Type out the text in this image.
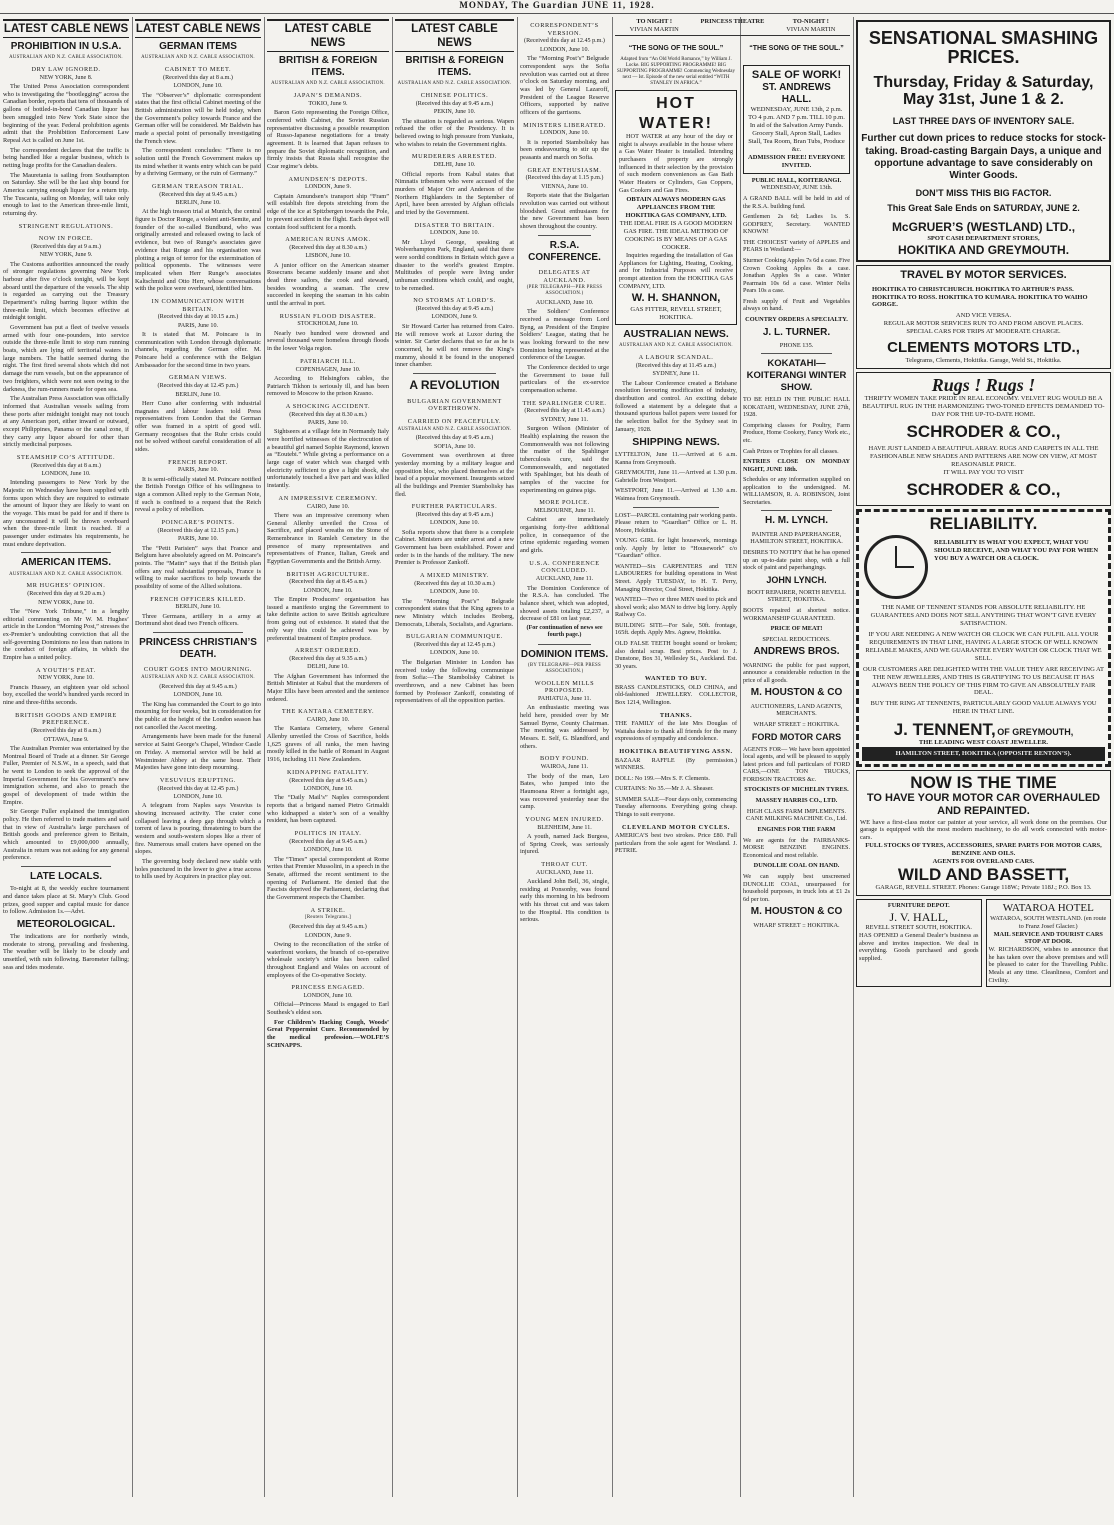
MONDAY, The Guardian JUNE 11, 1928.
LATEST CABLE NEWS
PROHIBITION IN U.S.A.
AUSTRALIAN AND N.Z. CABLE ASSOCIATION.
DRY LAW IGNORED.
NEW YORK, June 8.

The United Press Association correspondent who is investigating the “bootlegging” across the Canadian border, reports that tens of thousands of gallons of bottled-in-bond Canadian liquor has been smuggled into New York State since the beginning of the year. Federal prohibition agents admit that the Prohibition Enforcement Law Repeal Act is called on June 1st.

The correspondent declares that the traffic is being handled like a regular business, which is netting huge profits for the Canadian dealers.

The Mauretania is sailing from Southampton on Saturday. She will be the last ship bound for America carrying enough liquor for a return trip. The Tuscania, sailing on Monday, will take only enough to last to the American three-mile limit, returning dry.

STRINGENT REGULATIONS.
NOW IN FORCE.
(Received this day at 9 a.m.)
NEW YORK, June 9.

The Customs authorities announced the ready of stronger regulations governing New York harbour after five o’clock tonight, will be kept aboard until the departure of the vessels. The ship is regarded as carrying out the Treasury Department’s ruling barring liquor within the three-mile limit, which becomes effective at midnight tonight.

Government has put a fleet of twelve vessels armed with four one-pounders, into service outside the three-mile limit to stop rum running boats, which are lying off territorial waters in large numbers. The battle seemed during the night. The first fired several shots which did not damage the rum vessels, but on the appearance of two freighters, which were not seen owing to the darkness, the rum-runners made for open sea.

The Australian Press Association was officially informed that Australian vessels sailing from these ports after midnight tonight may not touch at any American port, either inward or outward, except Philippines, Panama or the canal zone, if they carry any liquor aboard for other than strictly medicinal purposes.

STEAMSHIP CO’S ATTITUDE.
(Received this day at 8 a.m.)
LONDON, June 10.

Intending passengers to New York by the Majestic on Wednesday have been supplied with forms upon which they are required to estimate the amount of liquor they are likely to want on the voyage. This must be paid for and if there is any unconsumed it will be thrown overboard when the three-mile limit is reached. If a passenger under estimates his requirements, he must endure deprivation.

AMERICAN ITEMS.
AUSTRALIAN AND N.Z. CABLE ASSOCIATION.
MR HUGHES’ OPINION.
(Received this day at 9.20 a.m.)
NEW YORK, June 10.

The “New York Tribune,” in a lengthy editorial commenting on Mr W. M. Hughes’ article in the London “Morning Post,” stresses the ex-Premier’s undoubting conviction that all the self-governing Dominions no less than nations in the conduct of foreign affairs, in which the Empire has a united policy.

A YOUTH’S FEAT.
NEW YORK, June 10.

Francis Hussey, an eighteen year old school boy, excelled the world’s hundred yards record in nine and three-fifths seconds.

BRITISH GOODS AND EMPIRE PREFERENCE.
(Received this day at 8 a.m.)
OTTAWA, June 9.

The Australian Premier was entertained by the Montreal Board of Trade at a dinner. Sir George Fuller, Premier of N.S.W., in a speech, said that he went to London to seek the approval of the Imperial Government for his Government’s new immigration scheme, and also to preach the gospel of development of trade within the Empire.

Sir George Fuller explained the immigration policy. He then referred to trade matters and said that in view of Australia’s large purchases of British goods and preference given to Britain, which amounted to £9,000,000 annually, Australia in return was not asking for any general preference.

LATE LOCALS.

To-night at 8, the weekly euchre tournament and dance takes place at St. Mary’s Club. Good prizes, good supper and capital music for dance to follow. Admission 1s.—Advt.

METEOROLOGICAL.

The indications are for northerly winds, moderate to strong, prevailing and freshening. The weather will be likely to be cloudy and unsettled, with rain following. Barometer falling; seas and tides moderate.

LATEST CABLE NEWS
GERMAN ITEMS
AUSTRALIAN AND N.Z. CABLE ASSOCIATION.
CABINET TO MEET.
(Received this day at 8 a.m.)
LONDON, June 10.

The “Observer’s” diplomatic correspondent states that the first official Cabinet meeting of the British administration will be held today, when the Government’s policy towards France and the German offer will be considered. Mr Baldwin has made a special point of personally investigating the French view.

The correspondent concludes: “There is no solution until the French Government makes up its mind whether it wants entry which can be paid by a thriving Germany, or the ruin of Germany.”

GERMAN TREASON TRIAL.
(Received this day at 9.45 a.m.)
BERLIN, June 10.

At the high treason trial at Munich, the central figure is Doctor Runge, a violent anti-Semite, and founder of the so-called Bundbund, who was originally arrested and released owing to lack of evidence, but two of Runge’s associates gave evidence that Runge and his organisation was plotting a reign of terror for the extermination of political opponents. The witnesses were implicated when Herr Runge’s associates Kaltschmid and Otto Herr, whose conversations with the police were overheard, identified him.

IN COMMUNICATION WITH BRITAIN.
(Received this day at 10.15 a.m.)
PARIS, June 10.

It is stated that M. Poincare is in communication with London through diplomatic channels, regarding the German offer. M. Poincare held a conference with the Belgian Ambassador for the second time in two years.

GERMAN VIEWS.
(Received this day at 12.45 p.m.)
BERLIN, June 10.

Herr Cuno after conferring with industrial magnates and labour leaders told Press representatives from London that the German offer was framed in a spirit of good will. Germany recognises that the Ruhr crisis could not be solved without careful consideration of all sides.

FRENCH REPORT.
PARIS, June 10.

It is semi-officially stated M. Poincare notified the British Foreign Office of his willingness to sign a common Allied reply to the German Note, if such is confined to a request that the Reich reveal a policy of rebellion.

POINCARE’S POINTS.
(Received this day at 12.15 p.m.)
PARIS, June 10.

The “Petit Parisien” says that France and Belgium have absolutely agreed on M. Poincare’s points. The “Matin” says that if the British plan offers any real substantial proposals, France is willing to make sacrifices to help towards the possibility of some of the Allied solutions.

FRENCH OFFICERS KILLED.
BERLIN, June 10.

Three Germans, artillery in a army at Dortmund shot dead two French officers.

PRINCESS CHRISTIAN’S DEATH.
COURT GOES INTO MOURNING.
AUSTRALIAN AND N.Z. CABLE ASSOCIATION.
(Received this day at 9.45 a.m.)
LONDON, June 10.

The King has commanded the Court to go into mourning for four weeks, but in consideration for the public at the height of the London season has not cancelled the Ascot meeting.

Arrangements have been made for the funeral service at Saint George’s Chapel, Windsor Castle on Friday. A memorial service will be held at Westminster Abbey at the same hour. Their Majesties have gone into deep mourning.

VESUVIUS ERUPTING.
(Received this day at 12.45 p.m.)
LONDON, June 10.

A telegram from Naples says Vesuvius is showing increased activity. The crater cone collapsed leaving a deep gap through which a torrent of lava is pouring, threatening to burn the western and south-western slopes like a river of fire. Numerous small craters have opened on the slopes.

The governing body declared new stable with holes punctured in the lower to give a true access to hills used by Acquirers in practice play out.

LATEST CABLE NEWS
BRITISH & FOREIGN ITEMS.
AUSTRALIAN AND N.Z. CABLE ASSOCIATION.
JAPAN’S DEMANDS.
TOKIO, June 9.

Baron Goto representing the Foreign Office, conferred with Cabinet, the Soviet Russian representative discussing a possible resumption of Russo-Japanese negotiations for a treaty agreement. It is learned that Japan refuses to prepare the Soviet diplomatic recognition, and firmly insists that Russia shall recognise the Czar regime’s debts.

AMUNDSEN’S DEPOTS.
LONDON, June 9.

Captain Amundsen’s transport ship “Fram” will establish fire depots stretching from the edge of the ice at Spitzbergen towards the Pole, to prevent accident in the flight. Each depot will contain food sufficient for a month.

AMERICAN RUNS AMOK.
(Received this day at 8.30 a.m.)
LISBON, June 10.

A junior officer on the American steamer Rosecrans became suddenly insane and shot dead three sailors, the cook and steward, besides wounding a seaman. The crew succeeded in keeping the seaman in his cabin until the arrival in port.

RUSSIAN FLOOD DISASTER.
STOCKHOLM, June 10.

Nearly two hundred were drowned and several thousand were homeless through floods in the lower Volga region.

PATRIARCH ILL.
COPENHAGEN, June 10.

According to Helsingfors cables, the Patriarch Tikhon is seriously ill, and has been removed to Moscow to the prison Krasno.

A SHOCKING ACCIDENT.
(Received this day at 8.30 a.m.)
PARIS, June 10.

Sightseers at a village fete in Normandy Italy were horrified witnesses of the electrocution of a beautiful girl named Sophie Raymond, known as “Eoutebi.” While giving a performance on a large cage of water which was charged with electricity sufficient to give a light shock, she unfortunately touched a live part and was killed instantly.

AN IMPRESSIVE CEREMONY.
CAIRO, June 10.

There was an impressive ceremony when General Allenby unveiled the Cross of Sacrifice, and placed wreaths on the Stone of Remembrance in Ramleh Cemetery in the presence of many representatives and representatives of France, Italian, Greek and Egyptian Governments and the British Army.

BRITISH AGRICULTURE.
(Received this day at 8.45 a.m.)
LONDON, June 10.

The Empire Producers’ organisation has issued a manifesto urging the Government to take definite action to save British agriculture from going out of existence. It stated that the only way this could be achieved was by preferential treatment of Empire produce.

ARREST ORDERED.
(Received this day at 9.35 a.m.)
DELHI, June 10.

The Afghan Government has informed the British Minister at Kabul that the murderers of Major Ellis have been arrested and the sentence ordered.

THE KANTARA CEMETERY.
CAIRO, June 10.

The Kantara Cemetery, where General Allenby unveiled the Cross of Sacrifice, holds 1,625 graves of all ranks, the men having mostly killed in the battle of Romani in August 1916, including 111 New Zealanders.

KIDNAPPING FATALITY.
(Received this day at 9.45 a.m.)
LONDON, June 10.

The “Daily Mail’s” Naples correspondent reports that a brigand named Pietro Grimaldi who kidnapped a sister’s son of a wealthy resident, has been captured.

POLITICS IN ITALY.
(Received this day at 9.45 a.m.)
LONDON, June 10.

The “Times” special correspondent at Rome writes that Premier Mussolini, in a speech in the Senate, affirmed the recent sentiment to the opening of Parliament. He denied that the Fascists deprived the Parliament, declaring that the Government respects the Chamber.

A STRIKE.
[Reuters Telegrams.]
(Received this day at 9.45 a.m.)
LONDON, June 9.

Owing to the reconciliation of the strike of waterfront workers, the branch of co-operative wholesale society’s strike has been called throughout England and Wales on account of employees of the Co-operative Society.

PRINCESS ENGAGED.
LONDON, June 10.

Official—Princess Maud is engaged to Earl Southesk’s eldest son.

For Children’s Hacking Cough, Woods’ Great Peppermint Cure. Recommended by the medical profession.—WOLFE’S SCHNAPPS.

LATEST CABLE NEWS
BRITISH & FOREIGN ITEMS.
AUSTRALIAN AND N.Z. CABLE ASSOCIATION.
CHINESE POLITICS.
(Received this day at 9.45 a.m.)
PEKIN, June 10.

The situation is regarded as serious. Wapen refused the offer of the Presidency. It is believed owing to high pressure from Yunkaiu, who wishes to retain the Government rights.

MURDERERS ARRESTED.
DELHI, June 10.

Official reports from Kabul states that Nimnatis tribesmen who were accused of the murders of Major Orr and Anderson of the Northern Highlanders in the September of April, have been arrested by Afghan officials and tried by the Government.

DISASTER TO BRITAIN.
LONDON, June 10.

Mr Lloyd George, speaking at Wolverhampton Park, England, said that there were sordid conditions in Britain which gave a disaster to the world’s greatest Empire. Multitudes of people were living under unhuman conditions which could, and ought, to be remedied.

NO STORMS AT LORD’S.
(Received this day at 9.45 a.m.)
LONDON, June 9.

Sir Howard Carter has returned from Cairo. He will remove work at Luxor during the winter. Sir Carter declares that so far as he is concerned, he will not remove the King’s mummy, should it be found in the unopened inner chamber.

A REVOLUTION
BULGARIAN GOVERNMENT OVERTHROWN.
CARRIED ON PEACEFULLY.
AUSTRALIAN AND N.Z. CABLE ASSOCIATION.
(Received this day at 9.45 a.m.)
SOFIA, June 10.

Government was overthrown at three yesterday morning by a military league and opposition bloc, who placed themselves at the head of a popular movement. Insurgents seized all the buildings and Premier Stambolisky has fled.

FURTHER PARTICULARS.
(Received this day at 9.45 a.m.)
LONDON, June 10.

Sofia reports show that there is a complete Cabinet. Ministers are under arrest and a new Government has been established. Power and order is in the hands of the military. The new Premier is Professor Zankoff.

A MIXED MINISTRY.
(Received this day at 10.30 a.m.)
LONDON, June 10.

The “Morning Post’s” Belgrade correspondent states that the King agrees to a new Ministry which includes Broberg, Democrats, Liberals, Socialists, and Agrarians.

BULGARIAN COMMUNIQUE.
(Received this day at 12.45 p.m.)
LONDON, June 10.

The Bulgarian Minister in London has received today the following communique from Sofia:—The Stambolisky Cabinet is overthrown, and a new Cabinet has been formed by Professor Zankoff, consisting of representatives of all the opposition parties.

CORRESPONDENT’S VERSION.
(Received this day at 12.45 p.m.)
LONDON, June 10.

The “Morning Post’s” Belgrade correspondent says the Sofia revolution was carried out at three o’clock on Saturday morning, and was led by General Lazaroff, President of the League Reserve Officers, supported by native officers of the garrisons.

MINISTERS LIBERATED.
LONDON, June 10.

It is reported Stambolisky has been endeavouring to stir up the peasants and march on Sofia.

GREAT ENTHUSIASM.
(Received this day at 1.15 p.m.)
VIENNA, June 10.

Reports state that the Bulgarian revolution was carried out without bloodshed. Great enthusiasm for the new Government has been shown throughout the country.

R.S.A. CONFERENCE.
DELEGATES AT AUCKLAND.
(PER TELEGRAPH—PER PRESS ASSOCIATION.)
AUCKLAND, June 10.

The Soldiers’ Conference received a message from Lord Byng, as President of the Empire Soldiers’ League, stating that he was looking forward to the new Dominion being represented at the conference of the League.

The Conference decided to urge the Government to issue full particulars of the ex-service compensation scheme.

THE SPARLINGER CURE.
(Received this day at 11.45 a.m.)
SYDNEY, June 11.

Surgeon Wilson (Minister of Health) explaining the reason the Commonwealth was not following the matter of the Spahlinger tuberculosis cure, said the Commonwealth, and negotiated with Spahlinger, but his death of samples of the vaccine for experimenting on guinea pigs.

MORE POLICE.
MELBOURNE, June 11.

Cabinet are immediately organising forty-five additional police, in consequence of the crime epidemic regarding women and girls.

U.S.A. CONFERENCE CONCLUDED.
AUCKLAND, June 11.

The Dominion Conference of the R.S.A. has concluded. The balance sheet, which was adopted, showed assets totaling £2,237, a decrease of £81 on last year.

(For continuation of news see fourth page.)
DOMINION ITEMS.
(BY TELEGRAPH—PER PRESS ASSOCIATION.)
WOOLLEN MILLS PROPOSED.
PAHIATUA, June 11.

An enthusiastic meeting was held here, presided over by Mr Samuel Byrne, County Chairman. The meeting was addressed by Messrs. E. Self, G. Blandford, and others.

BODY FOUND.
WAIROA, June 11.

The body of the man, Leo Bates, who jumped into the Haumoana River a fortnight ago, was recovered yesterday near the camp.

YOUNG MEN INJURED.
BLENHEIM, June 11.

A youth, named Jack Burgess, of Spring Creek, was seriously injured.

THROAT CUT.
AUCKLAND, June 11.

Auckland John Bell, 36, single, residing at Ponsonby, was found early this morning in his bedroom with his throat cut and was taken to the Hospital. His condition is serious.

TO NIGHT !
VIVIAN MARTIN
PRINCESS THEATRE	TO-NIGHT !
VIVIAN MARTIN
“THE SONG OF THE SOUL.”
Adapted from “An Old World Romance,” by William J. Locke. BIG SUPPORTING PROGRAMME! BIG SUPPORTING PROGRAMME! Commencing Wednesday next — Ist. Episode of the new serial entitled “WITH STANLEY IN AFRICA.”
HOT WATER!

HOT WATER at any hour of the day or night is always available in the house where a Gas Water Heater is installed. Intending purchasers of property are strongly influenced in their selection by the provision of such modern conveniences as Gas Bath Water Heaters or Cylinders, Gas Coppers, Gas Cookers and Gas Fires.

OBTAIN ALWAYS MODERN GAS APPLIANCES FROM THE HOKITIKA GAS COMPANY, LTD.
THE IDEAL FIRE IS A GOOD MODERN GAS FIRE. THE IDEAL METHOD OF COOKING IS BY MEANS OF A GAS COOKER.

Inquiries regarding the installation of Gas Appliances for Lighting, Heating, Cooking, and for Industrial Purposes will receive prompt attention from the HOKITIKA GAS COMPANY, LTD.

W. H. SHANNON,
GAS FITTER, REVELL STREET, HOKITIKA.
AUSTRALIAN NEWS.
AUSTRALIAN AND N.Z. CABLE ASSOCIATION.
A LABOUR SCANDAL.
(Received this day at 11.45 a.m.)
SYDNEY, June 11.

The Labour Conference created a Brisbane resolution favouring modification of industry, distribution and control. An exciting debate followed a statement by a delegate that a thousand spurious ballot papers were issued for the selection ballot for the Sydney seat in January, 1928.

SHIPPING NEWS.

LYTTELTON, June 11.—Arrived at 6 a.m. Kanna from Greymouth.

GREYMOUTH, June 11.—Arrived at 1.30 p.m. Gabrielle from Westport.

WESTPORT, June 11.—Arrived at 1.30 a.m. Waimea from Greymouth.

LOST—PARCEL containing pair working pants. Please return to “Guardian” Office or L. H. Moore, Hokitika.

YOUNG GIRL for light housework, mornings only. Apply by letter to “Housework” c/o “Guardian” office.

WANTED—Six CARPENTERS and TEN LABOURERS for building operations in West Street. Apply TUESDAY, to H. T. Perry, Managing Director, Coal Street, Hokitika.

WANTED—Two or three MEN used to pick and shovel work; also MAN to drive big lorry. Apply Railway Co.

BUILDING SITE—For Sale, 50ft. frontage, 165ft. depth. Apply Mrs. Agnew, Hokitika.

OLD FALSE TEETH bought sound or broken; also dental scrap. Best prices. Post to J. Dunstone, Box 31, Wellesley St., Auckland. Est. 30 years.

WANTED TO BUY.

BRASS CANDLESTICKS, OLD CHINA, and old-fashioned JEWELLERY. COLLECTOR, Box 1214, Wellington.

THANKS.

THE FAMILY of the late Mrs Douglas of Waitaha desire to thank all friends for the many expressions of sympathy and condolence.

HOKITIKA BEAUTIFYING ASSN.

BAZAAR RAFFLE (By permission.) WINNERS.

DOLL: No 199.—Mrs S. F. Clements.

CURTAINS: No 35.—Mr J. A. Sheaser.

SUMMER SALE—Four days only, commencing Tuesday afternoons. Everything going cheap. Things to suit everyone.

CLEVELAND MOTOR CYCLES.

AMERICA’S best two strokes. Price £80. Full particulars from the sole agent for Westland. J. PETRIE.

“THE SONG OF THE SOUL.”
SALE OF WORK!
ST. ANDREWS HALL.
WEDNESDAY, JUNE 13th, 2 p.m. TO 4 p.m. AND 7 p.m. TILL 10 p.m.
In aid of the Salvation Army Funds. Grocery Stall, Apron Stall, Ladies Stall, Tea Room, Bran Tubs, Produce &c.
ADMISSION FREE! EVERYONE INVITED.
PUBLIC HALL, KOITERANGI.
WEDNESDAY, JUNE 13th.

A GRAND BALL will be held in aid of the R.S.A. building fund.

Gentlemen 2s 6d; Ladies 1s. S. GODFREY, Secretary. WANTED KNOWN!

THE CHOICEST variety of APPLES and PEARS in Westland:—

Sturmer Cooking Apples 7s 6d a case. Five Crown Cooking Apples 8s a case. Jonathan Apples 9s a case. Winter Pearmain 10s 6d a case. Winter Nelis Pears 10s a case.

Fresh supply of Fruit and Vegetables always on hand.

COUNTRY ORDERS A SPECIALTY.
J. L. TURNER.
PHONE 135.
KOKATAHI—KOITERANGI WINTER SHOW.

TO BE HELD IN THE PUBLIC HALL KOKATAHI, WEDNESDAY, JUNE 27th, 1928.

Comprising classes for Poultry, Farm Produce, Home Cookery, Fancy Work etc., etc.

Cash Prizes or Trophies for all classes.

ENTRIES CLOSE ON MONDAY NIGHT, JUNE 18th.

Schedules or any information supplied on application to the undersigned. M. WILLIAMSON, R. A. ROBINSON, Joint Secretaries.

H. M. LYNCH.
PAINTER AND PAPERHANGER, HAMILTON STREET, HOKITIKA.

DESIRES TO NOTIFY that he has opened up an up-to-date paint shop, with a full stock of paint and paperhangings.

JOHN LYNCH.
BOOT REPAIRER, NORTH REVELL STREET, HOKITIKA.

BOOTS repaired at shortest notice. WORKMANSHIP GUARANTEED.

PRICE OF MEAT!
SPECIAL REDUCTIONS.
ANDREWS BROS.

WARNING the public for past support, announce a considerable reduction in the price of all goods.

M. HOUSTON & CO
AUCTIONEERS, LAND AGENTS, MERCHANTS.
WHARF STREET :: HOKITIKA.
FORD MOTOR CARS

AGENTS FOR— We have been appointed local agents, and will be pleased to supply latest prices and full particulars of FORD CARS,—ONE TON TRUCKS, FORDSON TRACTORS &c.

STOCKISTS OF MICHELIN TYRES.
MASSEY HARRIS CO., LTD.
HIGH CLASS FARM IMPLEMENTS. CANE MILKING MACHINE Co., Ltd.
ENGINES FOR THE FARM

We are agents for the FAIRBANKS-MORSE BENZINE ENGINES. Economical and most reliable.

DUNOLLIE COAL ON HAND.

We can supply best unscreened DUNOLLIE COAL, unsurpassed for household purposes, in truck lots at £1 2s 6d per ton.

M. HOUSTON & CO
WHARF STREET :: HOKITIKA.
SENSATIONAL SMASHING PRICES.
Thursday, Friday & Saturday, May 31st, June 1 & 2.
LAST THREE DAYS OF INVENTORY SALE.
Further cut down prices to reduce stocks for stock-taking. Broad-casting Bargain Days, a unique and opportune advantage to save considerably on Winter Goods.
DON’T MISS THIS BIG FACTOR.
This Great Sale Ends on SATURDAY, JUNE 2.
McGRUER’S (WESTLAND) LTD.,
SPOT CASH DEPARTMENT STORES,
HOKITIKA AND GREYMOUTH.
TRAVEL BY MOTOR SERVICES.
HOKITIKA TO CHRISTCHURCH. HOKITIKA TO ARTHUR’S PASS. HOKITIKA TO ROSS. HOKITIKA TO KUMARA. HOKITIKA TO WAIHO GORGE.
AND VICE VERSA.
REGULAR MOTOR SERVICES RUN TO AND FROM ABOVE PLACES.
SPECIAL CARS FOR TRIPS AT MODERATE CHARGE.
CLEMENTS MOTORS LTD.,
Telegrams, Clements, Hokitika. Garage, Weld St., Hokitika.
Rugs ! Rugs !
THRIFTY WOMEN TAKE PRIDE IN REAL ECONOMY. VELVET RUG WOULD BE A BEAUTIFUL RUG IN THE HARMONIZING TWO-TONED EFFECTS DEMANDED TO-DAY FOR THE UP-TO-DATE HOME.
SCHRODER & CO.,
HAVE JUST LANDED A BEAUTIFUL ARRAY. RUGS AND CARPETS IN ALL THE FASHIONABLE NEW SHADES AND PATTERNS ARE NOW ON VIEW, AT MOST REASONABLE PRICE.
IT WILL PAY YOU TO VISIT
SCHRODER & CO.,
RELIABILITY.
RELIABILITY IS WHAT YOU EXPECT, WHAT YOU SHOULD RECEIVE, AND WHAT YOU PAY FOR WHEN YOU BUY A WATCH OR A CLOCK.
THE NAME OF TENNENT STANDS FOR ABSOLUTE RELIABILITY. HE GUARANTEES AND DOES NOT SELL ANYTHING THAT WON’T GIVE EVERY SATISFACTION.
IF YOU ARE NEEDING A NEW WATCH OR CLOCK WE CAN FULFIL ALL YOUR REQUIREMENTS IN THAT LINE, HAVING A LARGE STOCK OF WELL KNOWN RELIABLE MAKES, AND WE GUARANTEE EVERY WATCH OR CLOCK THAT WE SELL.
OUR CUSTOMERS ARE DELIGHTED WITH THE VALUE THEY ARE RECEIVING AT THE NEW JEWELLERS, AND THIS IS GRATIFYING TO US BECAUSE IT HAS ALWAYS BEEN THE POLICY OF THIS FIRM TO GIVE AN ABSOLUTELY FAIR DEAL.
BUY THE RING AT TENNENTS, PARTICULARLY GOOD VALUE ALWAYS YOU HERE IN THAT LINE.
J. TENNENT, OF GREYMOUTH,
THE LEADING WEST COAST JEWELLER.
HAMILTON STREET, HOKITIKA (OPPOSITE RENTON’S).
NOW IS THE TIME
TO HAVE YOUR MOTOR CAR OVERHAULED AND REPAINTED.
WE have a first-class motor car painter at your service, all work done on the premises. Our garage is equipped with the most modern machinery, to do all work connected with motor-cars.
FULL STOCKS OF TYRES, ACCESSORIES, SPARE PARTS FOR MOTOR CARS, BENZINE AND OILS.
AGENTS FOR OVERLAND CARS.
WILD AND BASSETT,
GARAGE, REVELL STREET. Phones: Garage 118W.; Private 118J.; P.O. Box 13.
FURNITURE DEPOT.
J. V. HALL,
REVELL STREET SOUTH, HOKITIKA.
HAS OPENED a General Dealer’s business as above and invites inspection. We deal in everything. Goods purchased and goods supplied.
WATAROA HOTEL
WATAROA, SOUTH WESTLAND. (en route to Franz Josef Glacier.)
MAIL SERVICE AND TOURIST CARS STOP AT DOOR.
W. RICHARDSON, wishes to announce that he has taken over the above premises and will be pleased to cater for the Travelling Public. Meals at any time. Cleanliness, Comfort and Civility.
